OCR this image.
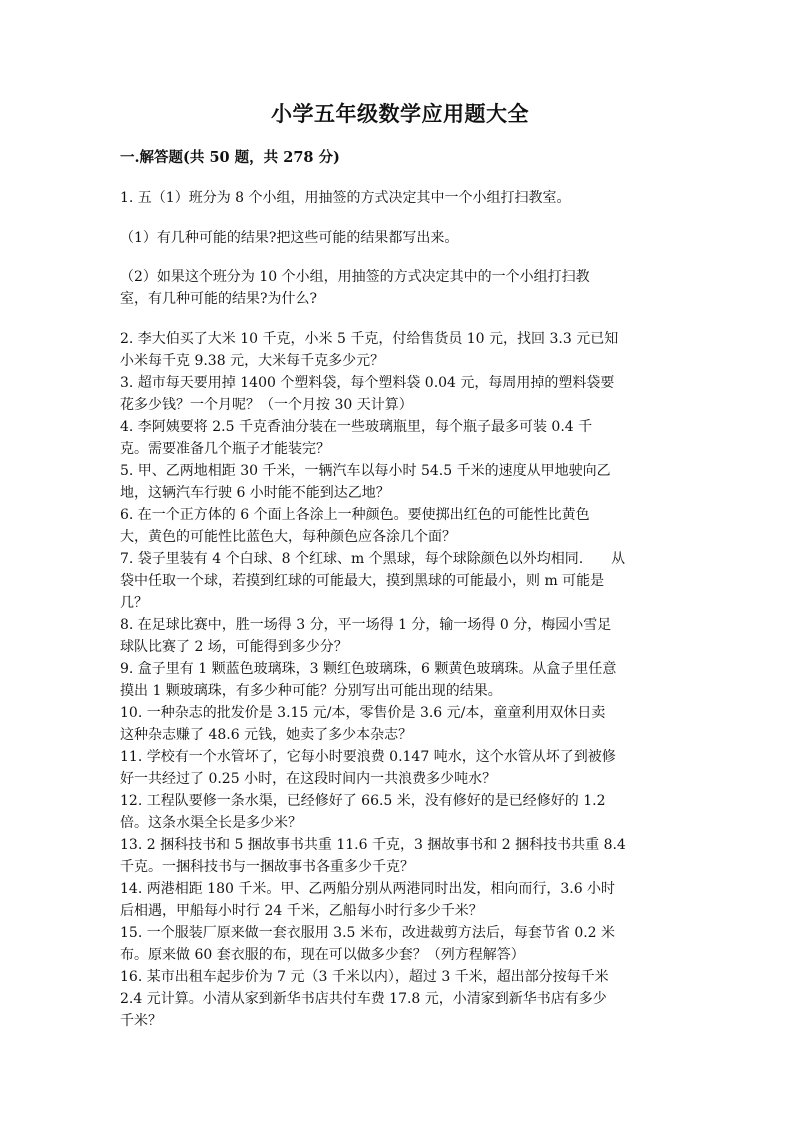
小学五年级数学应用题大全
一.解答题(共 50 题，共 278 分)
1. 五（1）班分为 8 个小组，用抽签的方式决定其中一个小组打扫教室。
（1）有几种可能的结果?把这些可能的结果都写出来。
（2）如果这个班分为 10 个小组，用抽签的方式决定其中的一个小组打扫教
室，有几种可能的结果?为什么?
2. 李大伯买了大米 10 千克，小米 5 千克，付给售货员 10 元，找回 3.3 元已知
小米每千克 9.38 元，大米每千克多少元？
3. 超市每天要用掉 1400 个塑料袋，每个塑料袋 0.04 元，每周用掉的塑料袋要
花多少钱？一个月呢？（一个月按 30 天计算）
4. 李阿姨要将 2.5 千克香油分装在一些玻璃瓶里，每个瓶子最多可装 0.4 千
克。需要准备几个瓶子才能装完？
5. 甲、乙两地相距 30 千米，一辆汽车以每小时 54.5 千米的速度从甲地驶向乙
地，这辆汽车行驶 6 小时能不能到达乙地？
6. 在一个正方体的 6 个面上各涂上一种颜色。要使掷出红色的可能性比黄色
大，黄色的可能性比蓝色大，每种颜色应各涂几个面？
7. 袋子里装有 4 个白球、8 个红球、m 个黑球，每个球除颜色以外均相同.　　从
袋中任取一个球，若摸到红球的可能最大，摸到黑球的可能最小，则 m 可能是
几？
8. 在足球比赛中，胜一场得 3 分，平一场得 1 分，输一场得 0 分，梅园小雪足
球队比赛了 2 场，可能得到多少分？
9. 盒子里有 1 颗蓝色玻璃珠，3 颗红色玻璃珠，6 颗黄色玻璃珠。从盒子里任意
摸出 1 颗玻璃珠，有多少种可能？分别写出可能出现的结果。
10. 一种杂志的批发价是 3.15 元/本，零售价是 3.6 元/本，童童利用双休日卖
这种杂志赚了 48.6 元钱，她卖了多少本杂志？
11. 学校有一个水管坏了，它每小时要浪费 0.147 吨水，这个水管从坏了到被修
好一共经过了 0.25 小时，在这段时间内一共浪费多少吨水？
12. 工程队要修一条水渠，已经修好了 66.5 米，没有修好的是已经修好的 1.2
倍。这条水渠全长是多少米？
13. 2 捆科技书和 5 捆故事书共重 11.6 千克，3 捆故事书和 2 捆科技书共重 8.4
千克。一捆科技书与一捆故事书各重多少千克？
14. 两港相距 180 千米。甲、乙两船分别从两港同时出发，相向而行，3.6 小时
后相遇，甲船每小时行 24 千米，乙船每小时行多少千米？
15. 一个服装厂原来做一套衣服用 3.5 米布，改进裁剪方法后，每套节省 0.2 米
布。原来做 60 套衣服的布，现在可以做多少套？（列方程解答）
16. 某市出租车起步价为 7 元（3 千米以内），超过 3 千米，超出部分按每千米
2.4 元计算。小清从家到新华书店共付车费 17.8 元，小清家到新华书店有多少
千米？
